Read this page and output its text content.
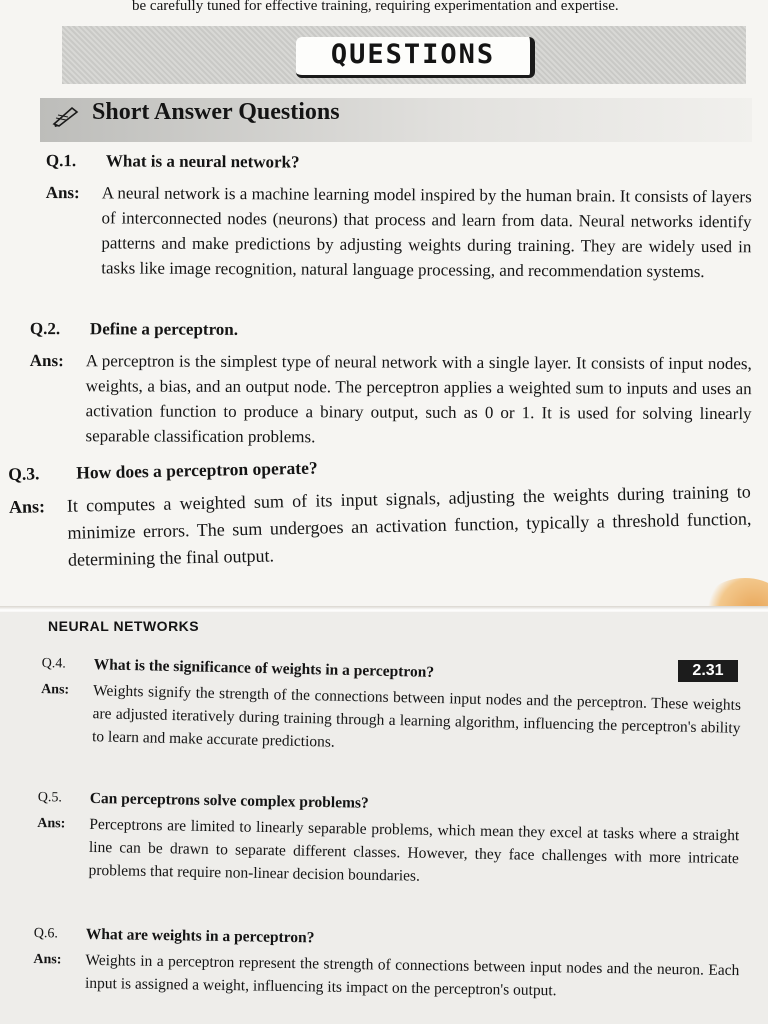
be carefully tuned for effective training, requiring experimentation and expertise.
QUESTIONS
Short Answer Questions
Q.1. What is a neural network?
Ans: A neural network is a machine learning model inspired by the human brain. It consists of layers of interconnected nodes (neurons) that process and learn from data. Neural networks identify patterns and make predictions by adjusting weights during training. They are widely used in tasks like image recognition, natural language processing, and recommendation systems.
Q.2. Define a perceptron.
Ans: A perceptron is the simplest type of neural network with a single layer. It consists of input nodes, weights, a bias, and an output node. The perceptron applies a weighted sum to inputs and uses an activation function to produce a binary output, such as 0 or 1. It is used for solving linearly separable classification problems.
Q.3. How does a perceptron operate?
Ans: It computes a weighted sum of its input signals, adjusting the weights during training to minimize errors. The sum undergoes an activation function, typically a threshold function, determining the final output.
NEURAL NETWORKS
2.31
Q.4. What is the significance of weights in a perceptron?
Ans: Weights signify the strength of the connections between input nodes and the perceptron. These weights are adjusted iteratively during training through a learning algorithm, influencing the perceptron's ability to learn and make accurate predictions.
Q.5. Can perceptrons solve complex problems?
Ans: Perceptrons are limited to linearly separable problems, which mean they excel at tasks where a straight line can be drawn to separate different classes. However, they face challenges with more intricate problems that require non-linear decision boundaries.
Q.6. What are weights in a perceptron?
Ans: Weights in a perceptron represent the strength of connections between input nodes and the neuron. Each input is assigned a weight, influencing its impact on the perceptron's output.
